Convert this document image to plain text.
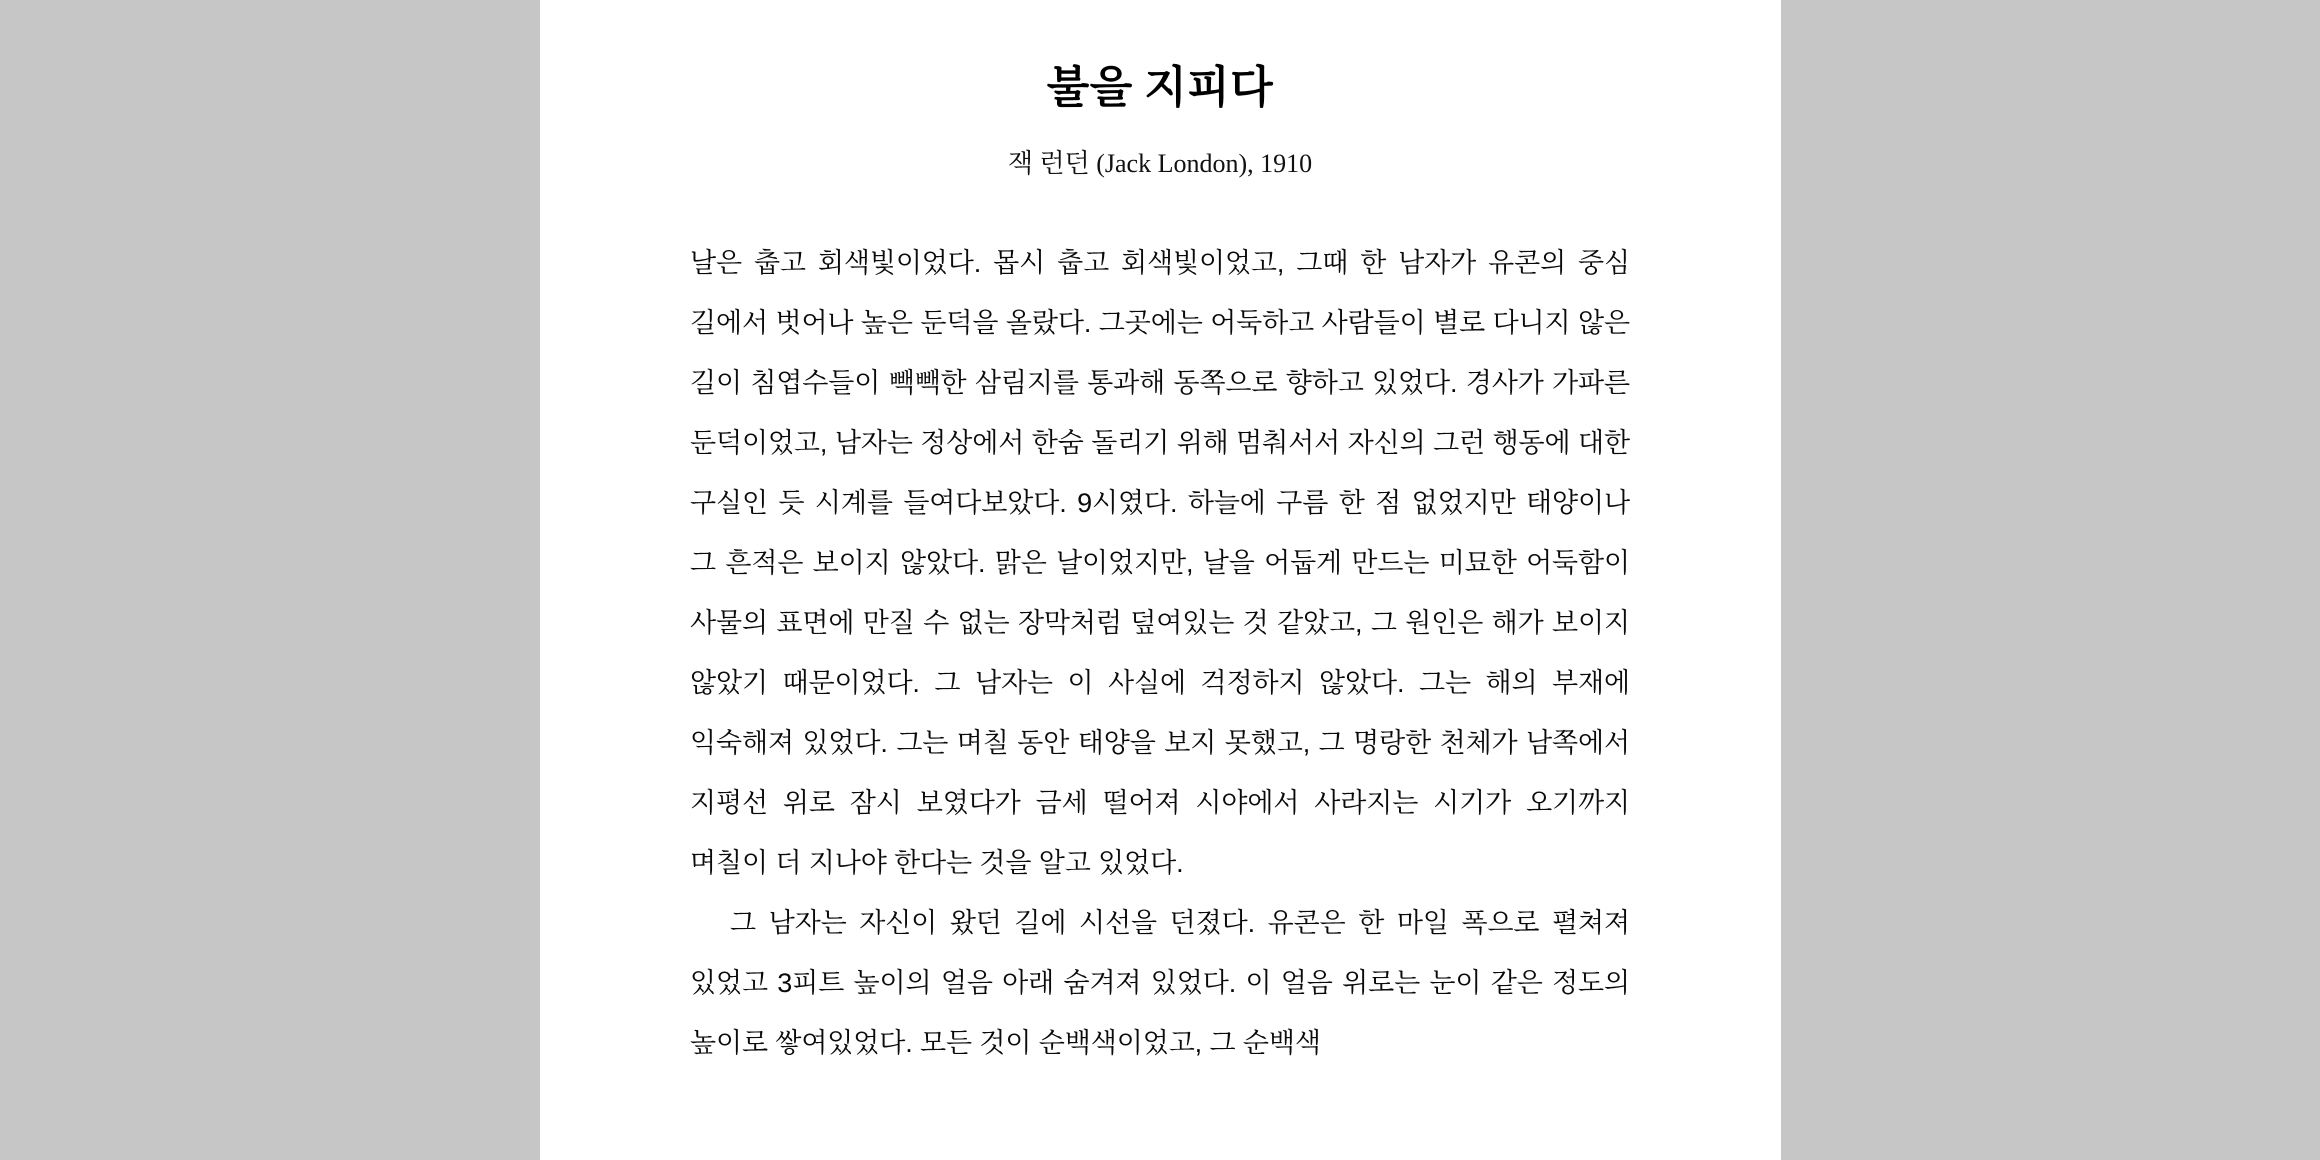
불을 지피다

잭 런던 (Jack London), 1910

날은 춥고 회색빛이었다. 몹시 춥고 회색빛이었고, 그때 한 남자가 유콘의 중심 길에서 벗어나 높은 둔덕을 올랐다. 그곳에는 어둑하고 사람들이 별로 다니지 않은 길이 침엽수들이 빽빽한 삼림지를 통과해 동쪽으로 향하고 있었다. 경사가 가파른 둔덕이었고, 남자는 정상에서 한숨 돌리기 위해 멈춰서서 자신의 그런 행동에 대한 구실인 듯 시계를 들여다보았다. 9시였다. 하늘에 구름 한 점 없었지만 태양이나 그 흔적은 보이지 않았다. 맑은 날이었지만, 날을 어둡게 만드는 미묘한 어둑함이 사물의 표면에 만질 수 없는 장막처럼 덮여있는 것 같았고, 그 원인은 해가 보이지 않았기 때문이었다. 그 남자는 이 사실에 걱정하지 않았다. 그는 해의 부재에 익숙해져 있었다. 그는 며칠 동안 태양을 보지 못했고, 그 명랑한 천체가 남쪽에서 지평선 위로 잠시 보였다가 금세 떨어져 시야에서 사라지는 시기가 오기까지 며칠이 더 지나야 한다는 것을 알고 있었다.

그 남자는 자신이 왔던 길에 시선을 던졌다. 유콘은 한 마일 폭으로 펼쳐져 있었고 3피트 높이의 얼음 아래 숨겨져 있었다. 이 얼음 위로는 눈이 같은 정도의 높이로 쌓여있었다. 모든 것이 순백색이었고, 그 순백색
